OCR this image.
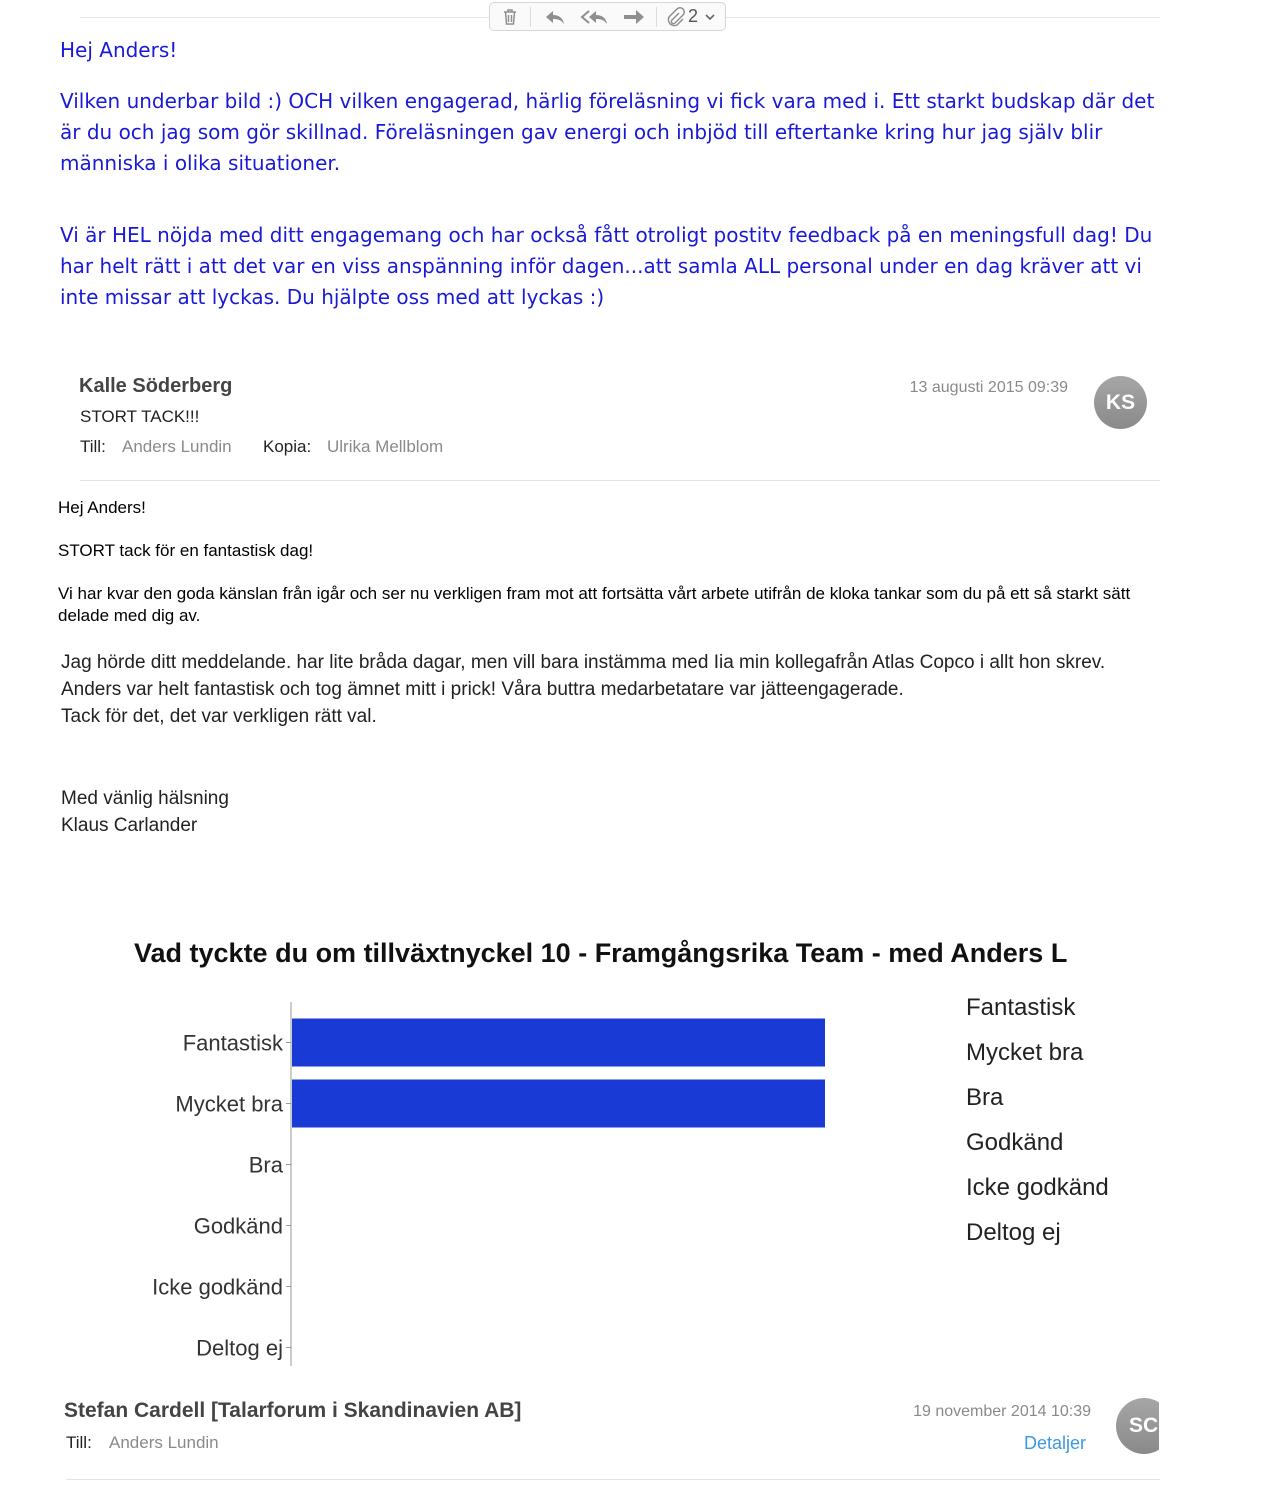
2

Hej Anders!

Vilken underbar bild :) OCH vilken engagerad, härlig föreläsning vi fick vara med i. Ett starkt budskap där det är du och jag som gör skillnad. Föreläsningen gav energi och inbjöd till eftertanke kring hur jag själv blir människa i olika situationer.

Vi är HEL nöjda med ditt engagemang och har också fått otroligt postitv feedback på en meningsfull dag! Du har helt rätt i att det var en viss anspänning inför dagen...att samla ALL personal under en dag kräver att vi inte missar att lyckas. Du hjälpte oss med att lyckas :)

Kalle Söderberg
STORT TACK!!!
Till: Anders Lundin Kopia: Ulrika Mellblom
13 augusti 2015 09:39
KS

Hej Anders!

STORT tack för en fantastisk dag!

Vi har kvar den goda känslan från igår och ser nu verkligen fram mot att fortsätta vårt arbete utifrån de kloka tankar som du på ett så starkt sätt delade med dig av.

Jag hörde ditt meddelande. har lite bråda dagar, men vill bara instämma med Iia min kollegafrån Atlas Copco i allt hon skrev. Anders var helt fantastisk och tog ämnet mitt i prick! Våra buttra medarbetatare var jätteengagerade.

Tack för det, det var verkligen rätt val.

Med vänlig hälsning

Klaus Carlander

Vad tyckte du om tillväxtnyckel 10 - Framgångsrika Team - med Anders L
Fantastisk
Mycket bra
Bra
Godkänd
Icke godkänd
Deltog ej
Fantastisk
Mycket bra
Bra
Godkänd
Icke godkänd
Deltog ej
Stefan Cardell [Talarforum i Skandinavien AB]
Till: Anders Lundin
19 november 2014 10:39
Detaljer
SC
